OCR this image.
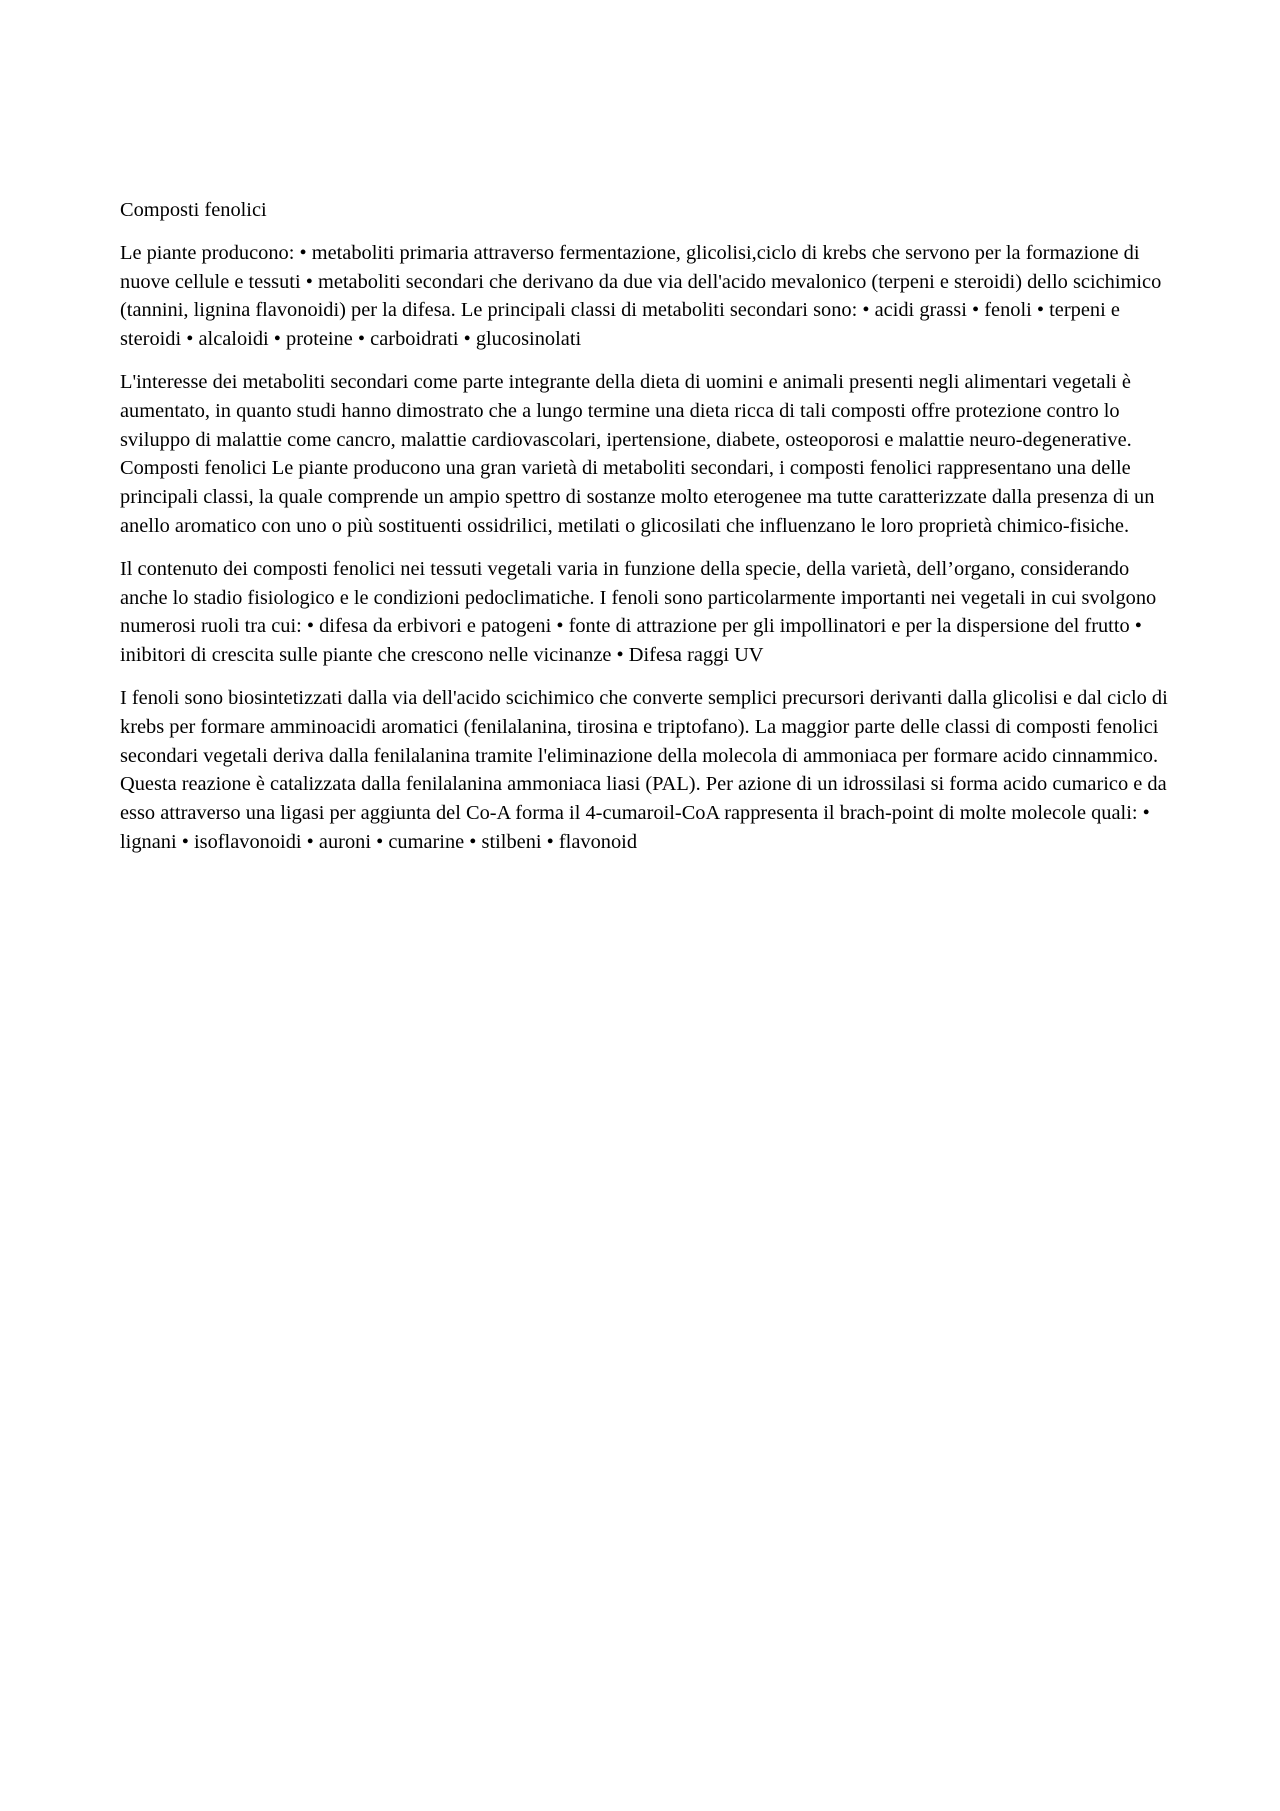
Composti fenolici

Le piante producono: • metaboliti primaria attraverso fermentazione, glicolisi,ciclo di krebs che servono per la formazione di nuove cellule e tessuti • metaboliti secondari che derivano da due via dell'acido mevalonico (terpeni e steroidi) dello scichimico (tannini, lignina flavonoidi) per la difesa. Le principali classi di metaboliti secondari sono: • acidi grassi • fenoli • terpeni e steroidi • alcaloidi • proteine • carboidrati • glucosinolati

L'interesse dei metaboliti secondari come parte integrante della dieta di uomini e animali presenti negli alimentari vegetali è aumentato, in quanto studi hanno dimostrato che a lungo termine una dieta ricca di tali composti offre protezione contro lo sviluppo di malattie come cancro, malattie cardiovascolari, ipertensione, diabete, osteoporosi e malattie neuro-degenerative. Composti fenolici Le piante producono una gran varietà di metaboliti secondari, i composti fenolici rappresentano una delle principali classi, la quale comprende un ampio spettro di sostanze molto eterogenee ma tutte caratterizzate dalla presenza di un anello aromatico con uno o più sostituenti ossidrilici, metilati o glicosilati che influenzano le loro proprietà chimico-fisiche.

Il contenuto dei composti fenolici nei tessuti vegetali varia in funzione della specie, della varietà, dell’organo, considerando anche lo stadio fisiologico e le condizioni pedoclimatiche. I fenoli sono particolarmente importanti nei vegetali in cui svolgono numerosi ruoli tra cui: • difesa da erbivori e patogeni • fonte di attrazione per gli impollinatori e per la dispersione del frutto • inibitori di crescita sulle piante che crescono nelle vicinanze • Difesa raggi UV

I fenoli sono biosintetizzati dalla via dell'acido scichimico che converte semplici precursori derivanti dalla glicolisi e dal ciclo di krebs per formare amminoacidi aromatici (fenilalanina, tirosina e triptofano). La maggior parte delle classi di composti fenolici secondari vegetali deriva dalla fenilalanina tramite l'eliminazione della molecola di ammoniaca per formare acido cinnammico. Questa reazione è catalizzata dalla fenilalanina ammoniaca liasi (PAL). Per azione di un idrossilasi si forma acido cumarico e da esso attraverso una ligasi per aggiunta del Co-A forma il 4-cumaroil-CoA rappresenta il brach-point di molte molecole quali: • lignani • isoflavonoidi • auroni • cumarine • stilbeni • flavonoid
